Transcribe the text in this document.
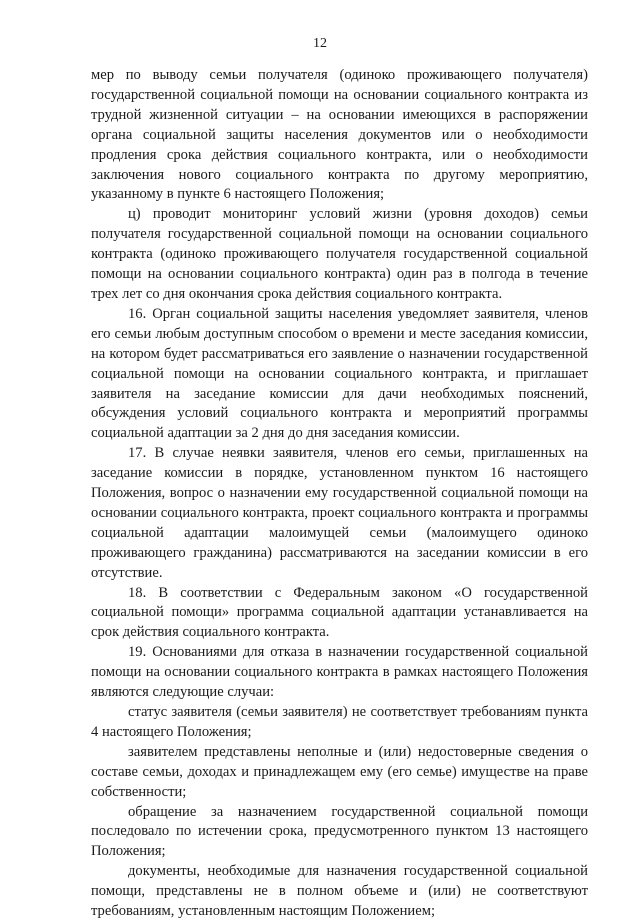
12

мер по выводу семьи получателя (одиноко проживающего получателя) государственной социальной помощи на основании социального контракта из трудной жизненной ситуации – на основании имеющихся в распоряжении органа социальной защиты населения документов или о необходимости продления срока действия социального контракта, или о необходимости заключения нового социального контракта по другому мероприятию, указанному в пункте 6 настоящего Положения;

ц) проводит мониторинг условий жизни (уровня доходов) семьи получателя государственной социальной помощи на основании социального контракта (одиноко проживающего получателя государственной социальной помощи на основании социального контракта) один раз в полгода в течение трех лет со дня окончания срока действия социального контракта.

16. Орган социальной защиты населения уведомляет заявителя, членов его семьи любым доступным способом о времени и месте заседания комиссии, на котором будет рассматриваться его заявление о назначении государственной социальной помощи на основании социального контракта, и приглашает заявителя на заседание комиссии для дачи необходимых пояснений, обсуждения условий социального контракта и мероприятий программы социальной адаптации за 2 дня до дня заседания комиссии.

17. В случае неявки заявителя, членов его семьи, приглашенных на заседание комиссии в порядке, установленном пунктом 16 настоящего Положения, вопрос о назначении ему государственной социальной помощи на основании социального контракта, проект социального контракта и программы социальной адаптации малоимущей семьи (малоимущего одиноко проживающего гражданина) рассматриваются на заседании комиссии в его отсутствие.

18. В соответствии с Федеральным законом «О государственной социальной помощи» программа социальной адаптации устанавливается на срок действия социального контракта.

19. Основаниями для отказа в назначении государственной социальной помощи на основании социального контракта в рамках настоящего Положения являются следующие случаи:

статус заявителя (семьи заявителя) не соответствует требованиям пункта 4 настоящего Положения;

заявителем представлены неполные и (или) недостоверные сведения о составе семьи, доходах и принадлежащем ему (его семье) имуществе на праве собственности;

обращение за назначением государственной социальной помощи последовало по истечении срока, предусмотренного пунктом 13 настоящего Положения;

документы, необходимые для назначения государственной социальной помощи, представлены не в полном объеме и (или) не соответствуют требованиям, установленным настоящим Положением;
